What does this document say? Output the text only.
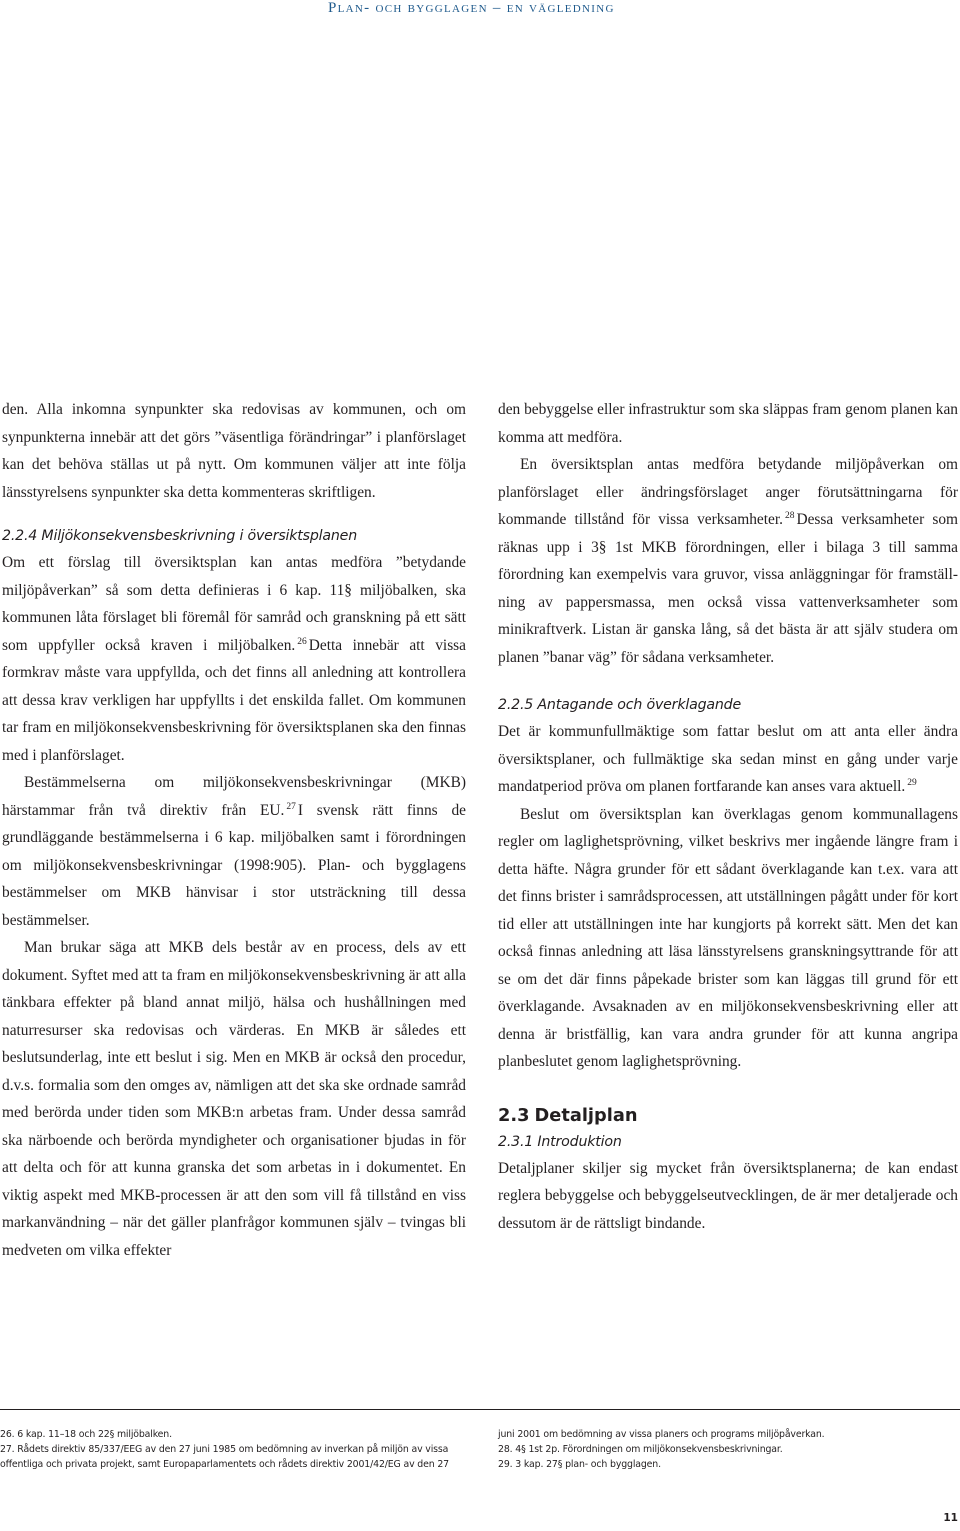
Plan- och bygglagen – en vägledning

den. Alla inkomna synpunkter ska redovisas av kommunen, och om synpunkterna innebär att det görs ”väsentliga förändringar” i planförslaget kan det behöva ställas ut på nytt. Om kommunen väljer att inte följa länsstyrelsens synpunkter ska detta kommenteras skriftligen.

2.2.4 Miljökonsekvensbeskrivning i översiktsplanen

Om ett förslag till översiktsplan kan antas medföra ”betydande miljöpåverkan” så som detta definieras i 6 kap. 11§ miljöbalken, ska kommunen låta förslaget bli föremål för samråd och granskning på ett sätt som uppfyller också kraven i miljöbalken. $^{26}$ Detta innebär att vissa formkrav måste vara uppfyllda, och det finns all anledning att kontrollera att dessa krav verkligen har uppfyllts i det enskilda fallet. Om kommunen tar fram en miljökonsekvensbeskrivning för översiktsplanen ska den finnas med i planförslaget.

Bestämmelserna om miljökonsekvensbeskrivningar (MKB) härstammar från två direktiv från EU. $^{27}$ I svensk rätt finns de grundläggande bestämmelserna i 6 kap. miljöbalken samt i förordningen om miljökonsekvensbeskrivningar (1998:905). Plan- och bygglagens bestämmelser om MKB hänvisar i stor utsträckning till dessa bestämmelser.

Man brukar säga att MKB dels består av en process, dels av ett dokument. Syftet med att ta fram en miljökonsekvensbeskrivning är att alla tänkbara effekter på bland annat miljö, hälsa och hushållningen med naturresurser ska redovisas och värderas. En MKB är således ett beslutsunderlag, inte ett beslut i sig. Men en MKB är också den procedur, d.v.s. formalia som den omges av, nämligen att det ska ske ordnade samråd med berörda under tiden som MKB:n arbetas fram. Under dessa samråd ska närboende och berörda myndigheter och organisationer bjudas in för att delta och för att kunna granska det som arbetas in i dokumentet. En viktig aspekt med MKB-processen är att den som vill få tillstånd en viss markanvändning – när det gäller planfrågor kommunen själv – tvingas bli medveten om vilka effekter

den bebyggelse eller infrastruktur som ska släppas fram genom planen kan komma att medföra.

En översiktsplan antas medföra betydande miljöpåverkan om planförslaget eller ändringsförslaget anger förutsättningarna för kommande tillstånd för vissa verksamheter. $^{28}$ Dessa verksamheter som räknas upp i 3§ 1st MKB förordningen, eller i bilaga 3 till samma förordning kan exempelvis vara gruvor, vissa anläggningar för framställning av pappersmassa, men också vissa vattenverksamheter som minikraftverk. Listan är ganska lång, så det bästa är att själv studera om planen ”banar väg” för sådana verksamheter.

2.2.5 Antagande och överklagande

Det är kommunfullmäktige som fattar beslut om att anta eller ändra översiktsplaner, och fullmäktige ska sedan minst en gång under varje mandatperiod pröva om planen fortfarande kan anses vara aktuell. $^{29}$

Beslut om översiktsplan kan överklagas genom kommunallagens regler om laglighetsprövning, vilket beskrivs mer ingående längre fram i detta häfte. Några grunder för ett sådant överklagande kan t.ex. vara att det finns brister i samrådsprocessen, att utställningen pågått under för kort tid eller att utställningen inte har kungjorts på korrekt sätt. Men det kan också finnas anledning att läsa länsstyrelsens granskningsyttrande för att se om det där finns påpekade brister som kan läggas till grund för ett överklagande. Avsaknaden av en miljökonsekvensbeskrivning eller att denna är bristfällig, kan vara andra grunder för att kunna angripa planbeslutet genom laglighetsprövning.

2.3 Detaljplan
2.3.1 Introduktion

Detaljplaner skiljer sig mycket från översiktsplanerna; de kan endast reglera bebyggelse och bebyggelseutvecklingen, de är mer detaljerade och dessutom är de rättsligt bindande.

26. 6 kap. 11–18 och 22§ miljöbalken.

27. Rådets direktiv 85/337/EEG av den 27 juni 1985 om bedömning av inverkan på miljön av vissa offentliga och privata projekt, samt Europaparlamentets och rådets direktiv 2001/42/EG av den 27

juni 2001 om bedömning av vissa planers och programs miljöpåverkan.

28. 4§ 1st 2p. Förordningen om miljökonsekvensbeskrivningar.

29. 3 kap. 27§ plan- och bygglagen.

11
